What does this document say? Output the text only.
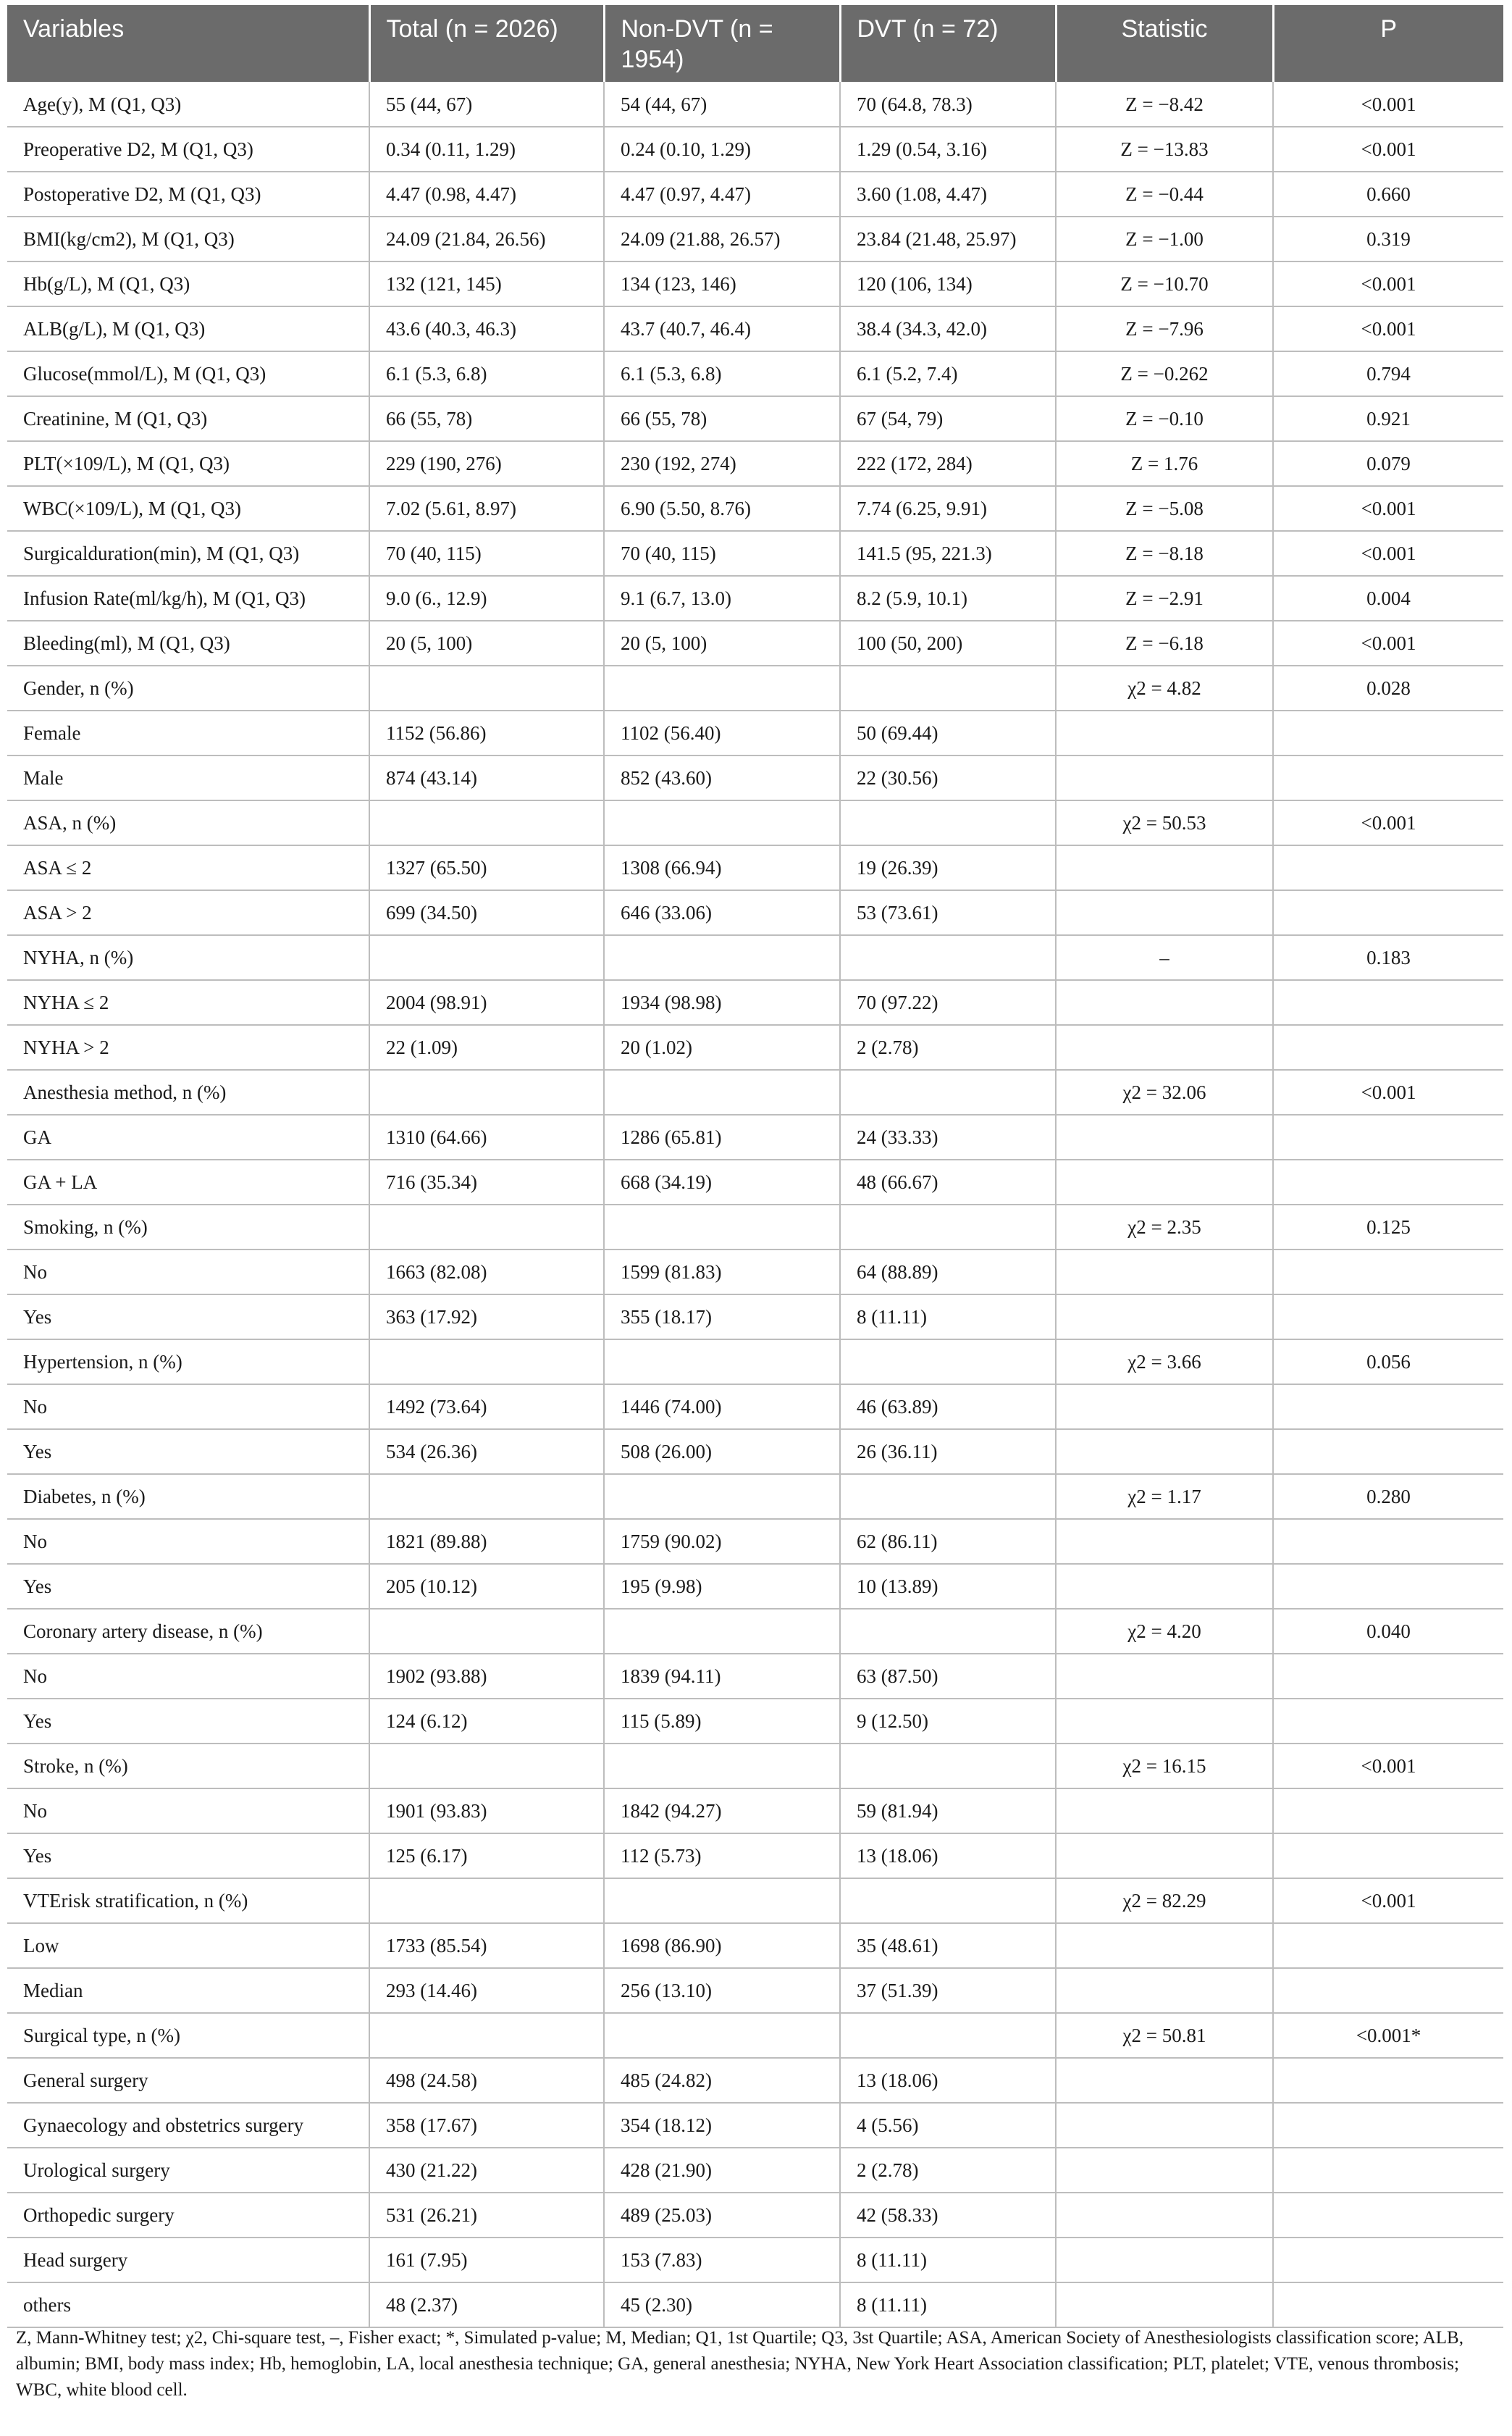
Variables	Total (n = 2026)	Non-DVT (n = 1954)	DVT (n = 72)	Statistic	P
Age(y), M (Q1, Q3)	55 (44, 67)	54 (44, 67)	70 (64.8, 78.3)	Z = −8.42	<0.001
Preoperative D2, M (Q1, Q3)	0.34 (0.11, 1.29)	0.24 (0.10, 1.29)	1.29 (0.54, 3.16)	Z = −13.83	<0.001
Postoperative D2, M (Q1, Q3)	4.47 (0.98, 4.47)	4.47 (0.97, 4.47)	3.60 (1.08, 4.47)	Z = −0.44	0.660
BMI(kg/cm2), M (Q1, Q3)	24.09 (21.84, 26.56)	24.09 (21.88, 26.57)	23.84 (21.48, 25.97)	Z = −1.00	0.319
Hb(g/L), M (Q1, Q3)	132 (121, 145)	134 (123, 146)	120 (106, 134)	Z = −10.70	<0.001
ALB(g/L), M (Q1, Q3)	43.6 (40.3, 46.3)	43.7 (40.7, 46.4)	38.4 (34.3, 42.0)	Z = −7.96	<0.001
Glucose(mmol/L), M (Q1, Q3)	6.1 (5.3, 6.8)	6.1 (5.3, 6.8)	6.1 (5.2, 7.4)	Z = −0.262	0.794
Creatinine, M (Q1, Q3)	66 (55, 78)	66 (55, 78)	67 (54, 79)	Z = −0.10	0.921
PLT(×109/L), M (Q1, Q3)	229 (190, 276)	230 (192, 274)	222 (172, 284)	Z = 1.76	0.079
WBC(×109/L), M (Q1, Q3)	7.02 (5.61, 8.97)	6.90 (5.50, 8.76)	7.74 (6.25, 9.91)	Z = −5.08	<0.001
Surgicalduration(min), M (Q1, Q3)	70 (40, 115)	70 (40, 115)	141.5 (95, 221.3)	Z = −8.18	<0.001
Infusion Rate(ml/kg/h), M (Q1, Q3)	9.0 (6., 12.9)	9.1 (6.7, 13.0)	8.2 (5.9, 10.1)	Z = −2.91	0.004
Bleeding(ml), M (Q1, Q3)	20 (5, 100)	20 (5, 100)	100 (50, 200)	Z = −6.18	<0.001
Gender, n (%)				χ2 = 4.82	0.028
Female	1152 (56.86)	1102 (56.40)	50 (69.44)		
Male	874 (43.14)	852 (43.60)	22 (30.56)		
ASA, n (%)				χ2 = 50.53	<0.001
ASA ≤ 2	1327 (65.50)	1308 (66.94)	19 (26.39)		
ASA > 2	699 (34.50)	646 (33.06)	53 (73.61)		
NYHA, n (%)				–	0.183
NYHA ≤ 2	2004 (98.91)	1934 (98.98)	70 (97.22)		
NYHA > 2	22 (1.09)	20 (1.02)	2 (2.78)		
Anesthesia method, n (%)				χ2 = 32.06	<0.001
GA	1310 (64.66)	1286 (65.81)	24 (33.33)		
GA + LA	716 (35.34)	668 (34.19)	48 (66.67)		
Smoking, n (%)				χ2 = 2.35	0.125
No	1663 (82.08)	1599 (81.83)	64 (88.89)		
Yes	363 (17.92)	355 (18.17)	8 (11.11)		
Hypertension, n (%)				χ2 = 3.66	0.056
No	1492 (73.64)	1446 (74.00)	46 (63.89)		
Yes	534 (26.36)	508 (26.00)	26 (36.11)		
Diabetes, n (%)				χ2 = 1.17	0.280
No	1821 (89.88)	1759 (90.02)	62 (86.11)		
Yes	205 (10.12)	195 (9.98)	10 (13.89)		
Coronary artery disease, n (%)				χ2 = 4.20	0.040
No	1902 (93.88)	1839 (94.11)	63 (87.50)		
Yes	124 (6.12)	115 (5.89)	9 (12.50)		
Stroke, n (%)				χ2 = 16.15	<0.001
No	1901 (93.83)	1842 (94.27)	59 (81.94)		
Yes	125 (6.17)	112 (5.73)	13 (18.06)		
VTErisk stratification, n (%)				χ2 = 82.29	<0.001
Low	1733 (85.54)	1698 (86.90)	35 (48.61)		
Median	293 (14.46)	256 (13.10)	37 (51.39)		
Surgical type, n (%)				χ2 = 50.81	<0.001*
General surgery	498 (24.58)	485 (24.82)	13 (18.06)		
Gynaecology and obstetrics surgery	358 (17.67)	354 (18.12)	4 (5.56)		
Urological surgery	430 (21.22)	428 (21.90)	2 (2.78)		
Orthopedic surgery	531 (26.21)	489 (25.03)	42 (58.33)		
Head surgery	161 (7.95)	153 (7.83)	8 (11.11)		
others	48 (2.37)	45 (2.30)	8 (11.11)		
Z, Mann-Whitney test; χ2, Chi-square test, –, Fisher exact; *, Simulated p-value; M, Median; Q1, 1st Quartile; Q3, 3st Quartile; ASA, American Society of Anesthesiologists classification score; ALB, albumin; BMI, body mass index; Hb, hemoglobin, LA, local anesthesia technique; GA, general anesthesia; NYHA, New York Heart Association classification; PLT, platelet; VTE, venous thrombosis; WBC, white blood cell.
